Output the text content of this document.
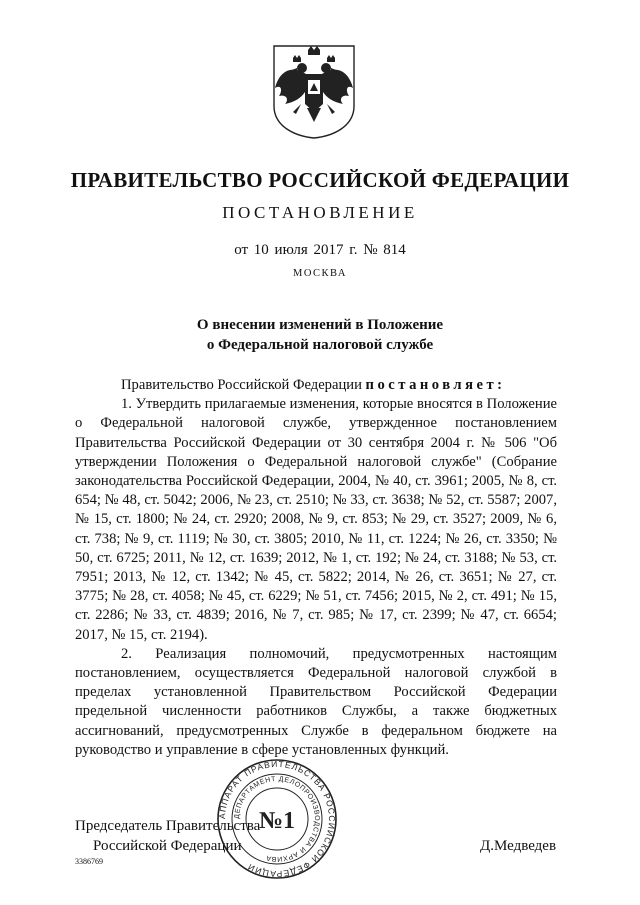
ПРАВИТЕЛЬСТВО РОССИЙСКОЙ ФЕДЕРАЦИИ
ПОСТАНОВЛЕНИЕ
от 10 июля 2017 г. № 814
МОСКВА
О внесении изменений в Положение
о Федеральной налоговой службе

Правительство Российской Федерации постановляет:

1. Утвердить прилагаемые изменения, которые вносятся в Положение о Федеральной налоговой службе, утвержденное постановлением Правительства Российской Федерации от 30 сентября 2004 г. № 506 "Об утверждении Положения о Федеральной налоговой службе" (Собрание законодательства Российской Федерации, 2004, № 40, ст. 3961; 2005, № 8, ст. 654; № 48, ст. 5042; 2006, № 23, ст. 2510; № 33, ст. 3638; № 52, ст. 5587; 2007, № 15, ст. 1800; № 24, ст. 2920; 2008, № 9, ст. 853; № 29, ст. 3527; 2009, № 6, ст. 738; № 9, ст. 1119; № 30, ст. 3805; 2010, № 11, ст. 1224; № 26, ст. 3350; № 50, ст. 6725; 2011, № 12, ст. 1639; 2012, № 1, ст. 192; № 24, ст. 3188; № 53, ст. 7951; 2013, № 12, ст. 1342; № 45, ст. 5822; 2014, № 26, ст. 3651; № 27, ст. 3775; № 28, ст. 4058; № 45, ст. 6229; № 51, ст. 7456; 2015, № 2, ст. 491; № 15, ст. 2286; № 33, ст. 4839; 2016, № 7, ст. 985; № 17, ст. 2399; № 47, ст. 6654; 2017, № 15, ст. 2194).

2. Реализация полномочий, предусмотренных настоящим постановлением, осуществляется Федеральной налоговой службой в пределах установленной Правительством Российской Федерации предельной численности работников Службы, а также бюджетных ассигнований, предусмотренных Службе в федеральном бюджете на руководство и управление в сфере установленных функций.

Председатель Правительства
Российской Федерации	Д.Медведев
3386769
АППАРАТ ПРАВИТЕЛЬСТВА РОССИЙСКОЙ ФЕДЕРАЦИИ
ДЕПАРТАМЕНТ ДЕЛОПРОИЗВОДСТВА И АРХИВА
№1
